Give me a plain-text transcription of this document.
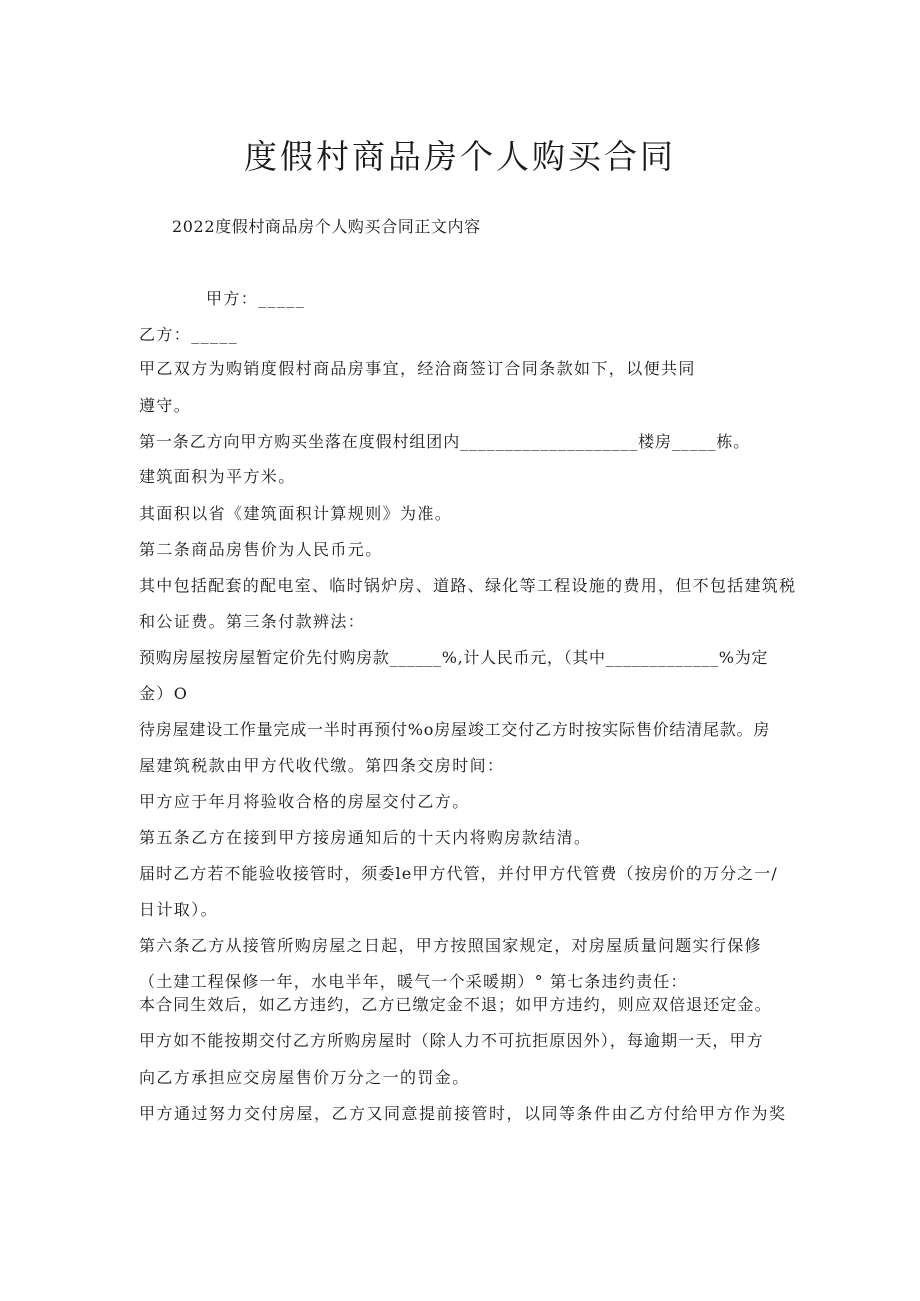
度假村商品房个人购买合同

2022度假村商品房个人购买合同正文内容

甲方：_____

乙方：_____

甲乙双方为购销度假村商品房事宜，经洽商签订合同条款如下，以便共同

遵守。

第一条乙方向甲方购买坐落在度假村组团内____________________楼房_____栋。

建筑面积为平方米。

其面积以省《建筑面积计算规则》为准。

第二条商品房售价为人民币元。

其中包括配套的配电室、临时锅炉房、道路、绿化等工程设施的费用，但不包括建筑税

和公证费。第三条付款辨法：

预购房屋按房屋暂定价先付购房款______%,计人民币元，（其中_____________%为定

金）O

待房屋建设工作量完成一半时再预付%o房屋竣工交付乙方时按实际售价结清尾款。房

屋建筑税款由甲方代收代缴。第四条交房时间：

甲方应于年月将验收合格的房屋交付乙方。

第五条乙方在接到甲方接房通知后的十天内将购房款结清。

届时乙方若不能验收接管时，须委le甲方代管，并付甲方代管费（按房价的万分之一/

日计取）。

第六条乙方从接管所购房屋之日起，甲方按照国家规定，对房屋质量问题实行保修

（土建工程保修一年，水电半年，暖气一个采暖期）° 第七条违约责任：

本合同生效后，如乙方违约，乙方已缴定金不退；如甲方违约，则应双倍退还定金。

甲方如不能按期交付乙方所购房屋时（除人力不可抗拒原因外），每逾期一天，甲方

向乙方承担应交房屋售价万分之一的罚金。

甲方通过努力交付房屋，乙方又同意提前接管时，以同等条件由乙方付给甲方作为奖
